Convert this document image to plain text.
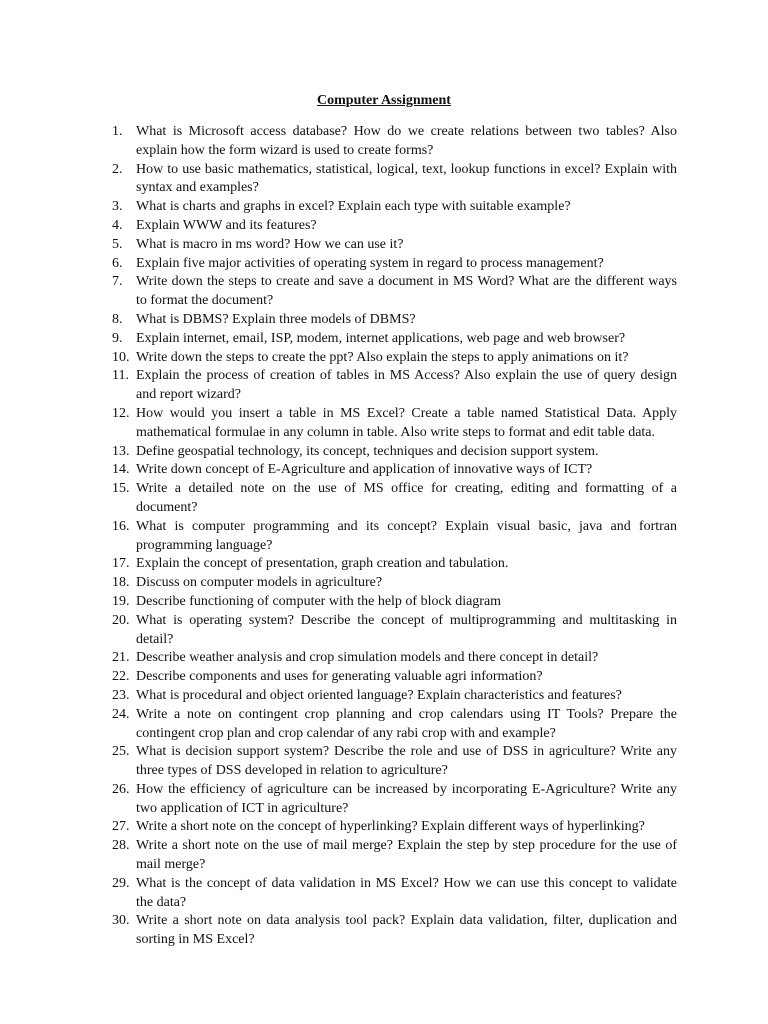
Computer Assignment
1. What is Microsoft access database? How do we create relations between two tables? Also explain how the form wizard is used to create forms?
2. How to use basic mathematics, statistical, logical, text, lookup functions in excel? Explain with syntax and examples?
3. What is charts and graphs in excel? Explain each type with suitable example?
4. Explain WWW and its features?
5. What is macro in ms word? How we can use it?
6. Explain five major activities of operating system in regard to process management?
7. Write down the steps to create and save a document in MS Word? What are the different ways to format the document?
8. What is DBMS? Explain three models of DBMS?
9. Explain internet, email, ISP, modem, internet applications, web page and web browser?
10. Write down the steps to create the ppt? Also explain the steps to apply animations on it?
11. Explain the process of creation of tables in MS Access? Also explain the use of query design and report wizard?
12. How would you insert a table in MS Excel? Create a table named Statistical Data. Apply mathematical formulae in any column in table. Also write steps to format and edit table data.
13. Define geospatial technology, its concept, techniques and decision support system.
14. Write down concept of E-Agriculture and application of innovative ways of ICT?
15. Write a detailed note on the use of MS office for creating, editing and formatting of a document?
16. What is computer programming and its concept? Explain visual basic, java and fortran programming language?
17. Explain the concept of presentation, graph creation and tabulation.
18. Discuss on computer models in agriculture?
19. Describe functioning of computer with the help of block diagram
20. What is operating system? Describe the concept of multiprogramming and multitasking in detail?
21. Describe weather analysis and crop simulation models and there concept in detail?
22. Describe components and uses for generating valuable agri information?
23. What is procedural and object oriented language? Explain characteristics and features?
24. Write a note on contingent crop planning and crop calendars using IT Tools? Prepare the contingent crop plan and crop calendar of any rabi crop with and example?
25. What is decision support system? Describe the role and use of DSS in agriculture? Write any three types of DSS developed in relation to agriculture?
26. How the efficiency of agriculture can be increased by incorporating E-Agriculture? Write any two application of ICT in agriculture?
27. Write a short note on the concept of hyperlinking? Explain different ways of hyperlinking?
28. Write a short note on the use of mail merge? Explain the step by step procedure for the use of mail merge?
29. What is the concept of data validation in MS Excel? How we can use this concept to validate the data?
30. Write a short note on data analysis tool pack? Explain data validation, filter, duplication and sorting in MS Excel?
